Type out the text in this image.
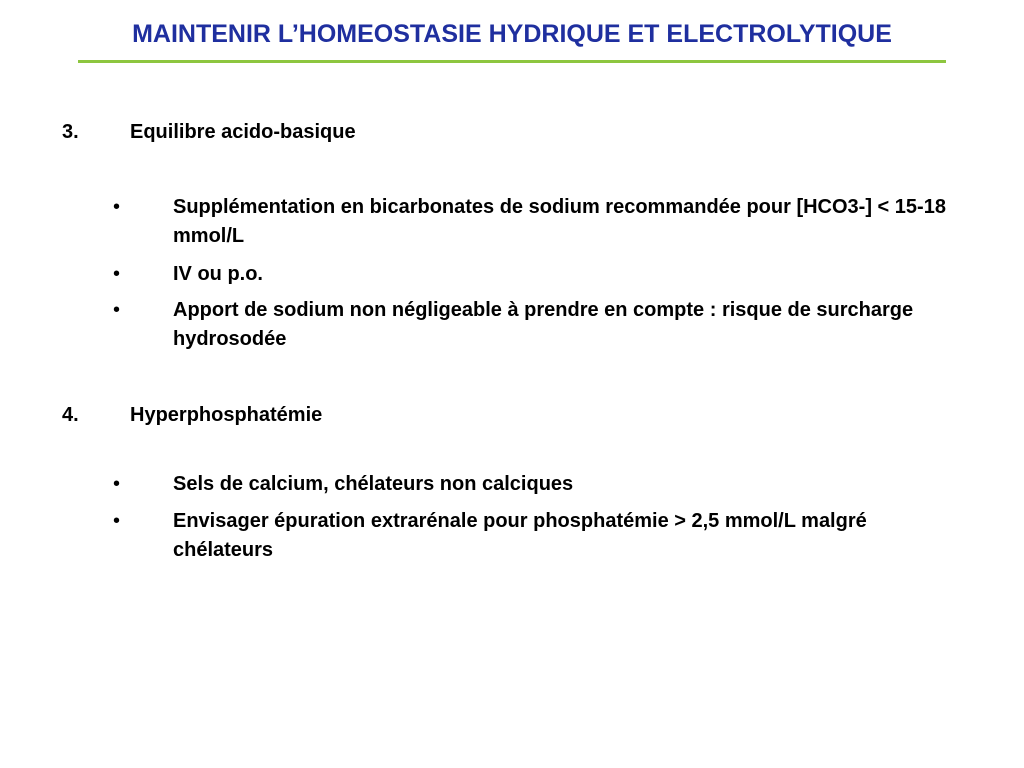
MAINTENIR L’HOMEOSTASIE HYDRIQUE ET ELECTROLYTIQUE
3.	Equilibre acido-basique
•	Supplémentation en bicarbonates de sodium recommandée pour [HCO3-] < 15-18 mmol/L
•	IV ou p.o.
•	Apport de sodium non négligeable à prendre en compte : risque de surcharge hydrosodée
4.	Hyperphosphatémie
•	Sels de calcium, chélateurs non calciques
•	Envisager épuration extrarénale pour phosphatémie > 2,5 mmol/L malgré chélateurs
